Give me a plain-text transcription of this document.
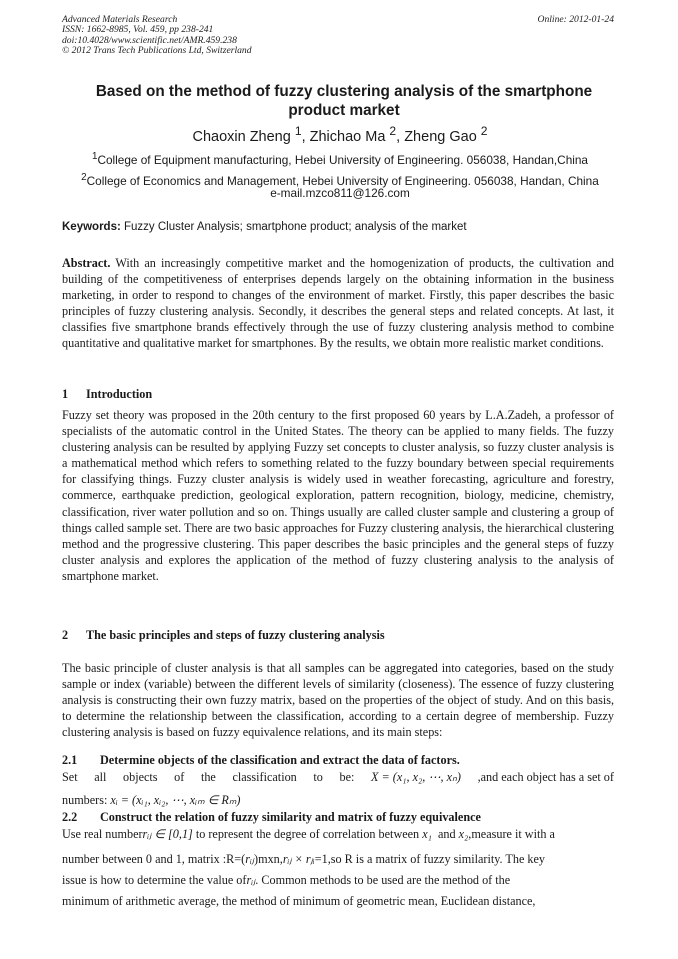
Advanced Materials Research
ISSN: 1662-8985, Vol. 459, pp 238-241
doi:10.4028/www.scientific.net/AMR.459.238
© 2012 Trans Tech Publications Ltd, Switzerland
Online: 2012-01-24
Based on the method of fuzzy clustering analysis of the smartphone
product market
Chaoxin Zheng $^1$, Zhichao Ma $^2$, Zheng Gao $^2$
$^1$College of Equipment manufacturing, Hebei University of Engineering. 056038, Handan,China
$^2$College of Economics and Management, Hebei University of Engineering. 056038, Handan, China
e-mail.mzco811@126.com
Keywords: Fuzzy Cluster Analysis; smartphone product; analysis of the market
Abstract. With an increasingly competitive market and the homogenization of products, the cultivation and building of the competitiveness of enterprises depends largely on the obtaining information in the business marketing, in order to respond to changes of the environment of market. Firstly, this paper describes the basic principles of fuzzy clustering analysis. Secondly, it describes the general steps and related concepts. At last, it classifies five smartphone brands effectively through the use of fuzzy clustering analysis method to combine quantitative and qualitative market for smartphones. By the results, we obtain more realistic market conditions.
1 Introduction
Fuzzy set theory was proposed in the 20th century to the first proposed 60 years by L.A.Zadeh, a professor of specialists of the automatic control in the United States. The theory can be applied to many fields. The fuzzy clustering analysis can be resulted by applying Fuzzy set concepts to cluster analysis, so fuzzy cluster analysis is a mathematical method which refers to something related to the fuzzy boundary between special requirements for classifying things. Fuzzy cluster analysis is widely used in weather forecasting, agriculture and forestry, commerce, earthquake prediction, geological exploration, pattern recognition, biology, medicine, chemistry, classification, river water pollution and so on. Things usually are called cluster sample and clustering a group of things called sample set. There are two basic approaches for Fuzzy clustering analysis, the hierarchical clustering method and the progressive clustering. This paper describes the basic principles and the general steps of fuzzy cluster analysis and explores the application of the method of fuzzy clustering analysis to the analysis of smartphone market.
2 The basic principles and steps of fuzzy clustering analysis
The basic principle of cluster analysis is that all samples can be aggregated into categories, based on the study sample or index (variable) between the different levels of similarity (closeness). The essence of fuzzy clustering analysis is constructing their own fuzzy matrix, based on the properties of the object of study. And on this basis, to determine the relationship between the classification, according to a certain degree of membership. Fuzzy clustering analysis is based on fuzzy equivalence relations, and its main steps:
2.1 Determine objects of the classification and extract the data of factors.
Set all objects of the classification to be: X = (x₁, x₂, ⋯, xₙ) ,and each object has a set of
numbers: xᵢ = (xᵢ₁, xᵢ₂, ⋯, xᵢₘ ∈ Rₘ)
2.2 Construct the relation of fuzzy similarity and matrix of fuzzy equivalence
Use real numberrᵢⱼ ∈ [0,1] to represent the degree of correlation between x₁ and x₂,measure it with a
number between 0 and 1, matrix :R=(rᵢⱼ)mxn,rᵢⱼ × rⱼᵢ=1,so R is a matrix of fuzzy similarity. The key
issue is how to determine the value ofrᵢⱼ. Common methods to be used are the method of the
minimum of arithmetic average, the method of minimum of geometric mean, Euclidean distance,
